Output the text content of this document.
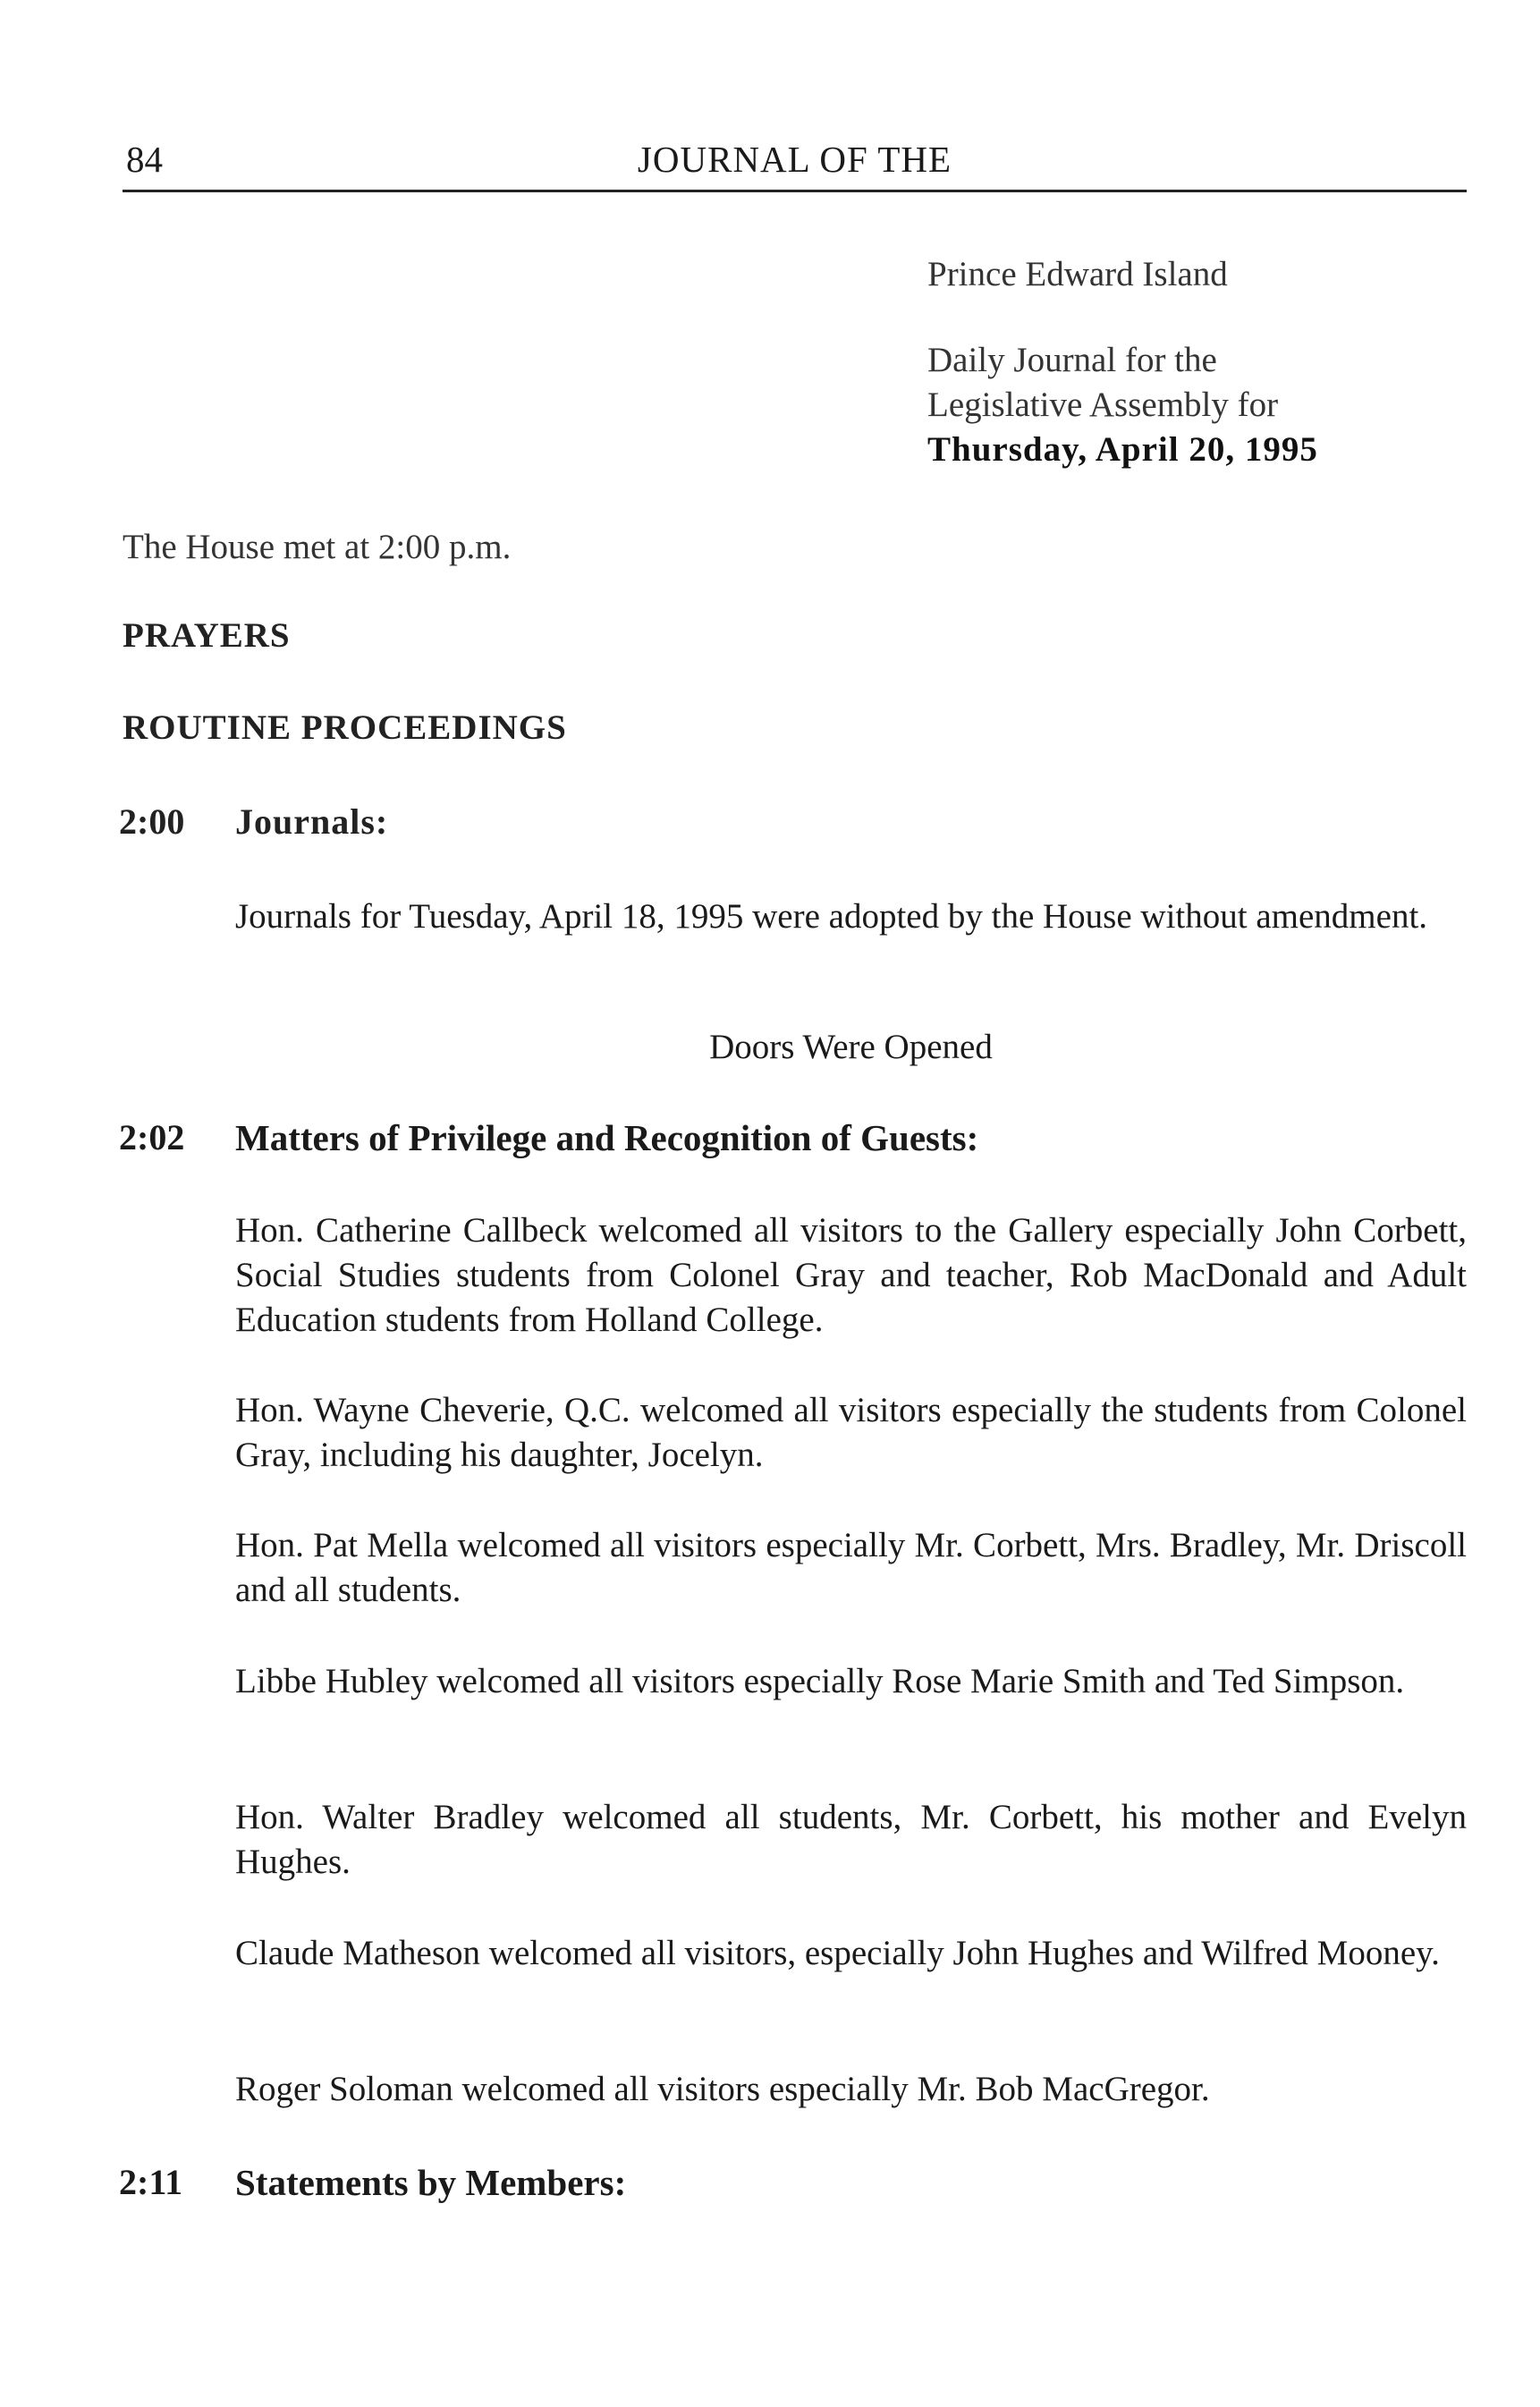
84	JOURNAL OF THE
Prince Edward Island
Daily Journal for the
Legislative Assembly for
Thursday, April 20, 1995
The House met at 2:00 p.m.
PRAYERS
ROUTINE PROCEEDINGS
2:00 Journals:
Journals for Tuesday, April 18, 1995 were adopted by the House without amendment.
Doors Were Opened
2:02 Matters of Privilege and Recognition of Guests:
Hon. Catherine Callbeck welcomed all visitors to the Gallery especially John Corbett, Social Studies students from Colonel Gray and teacher, Rob MacDonald and Adult Education students from Holland College.
Hon. Wayne Cheverie, Q.C. welcomed all visitors especially the students from Colonel Gray, including his daughter, Jocelyn.
Hon. Pat Mella welcomed all visitors especially Mr. Corbett, Mrs. Bradley, Mr. Driscoll and all students.
Libbe Hubley welcomed all visitors especially Rose Marie Smith and Ted Simpson.
Hon. Walter Bradley welcomed all students, Mr. Corbett, his mother and Evelyn Hughes.
Claude Matheson welcomed all visitors, especially John Hughes and Wilfred Mooney.
Roger Soloman welcomed all visitors especially Mr. Bob MacGregor.
2:11 Statements by Members:
